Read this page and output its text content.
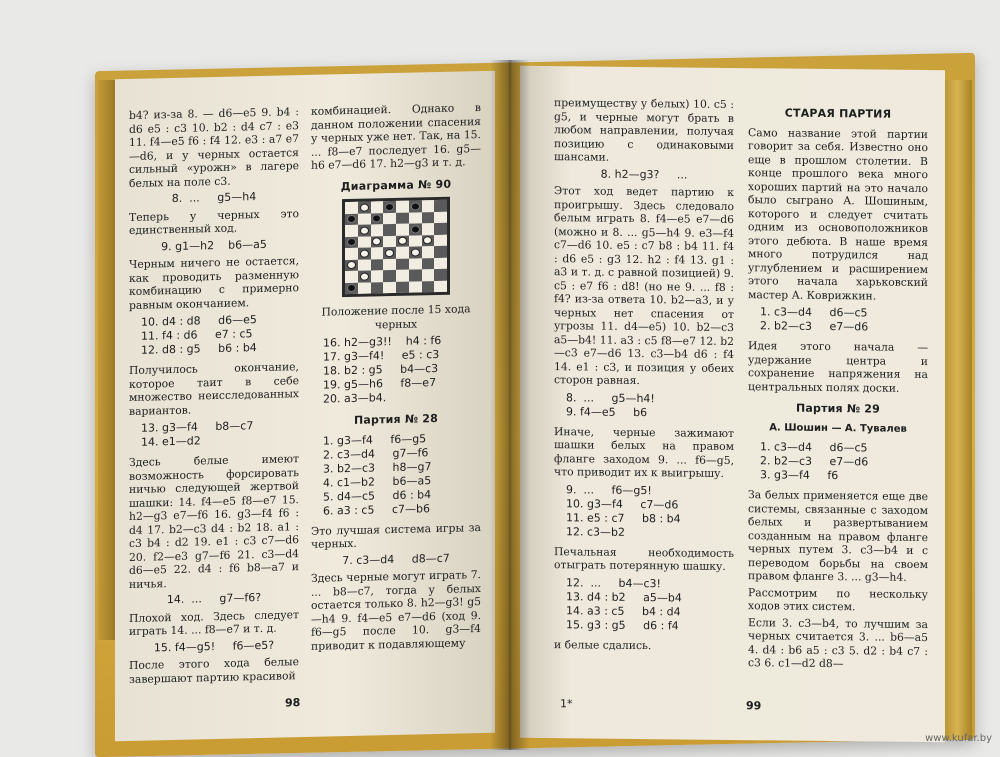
b4? из-за 8. — d6—e5 9. b4 : d6 e5 : c3 10. b2 : d4 c7 : e3 11. f4—e5 f6 : f4 12. e3 : a7 e7—d6, и у черных остается сильный «урожн» в лагере белых на поле c3.

8.  ...     g5—h4

Теперь у черных это единственный ход.

9. g1—h2    b6—a5

Черным ничего не остается, как проводить разменную комбинацию с примерно равным окончанием.

10. d4 : d8     d6—e5
11. f4 : d6     e7 : c5
12. d8 : g5     b6 : b4

Получилось окончание, которое таит в себе множество неисследованных вариантов.

13. g3—f4     b8—c7
14. e1—d2

Здесь белые имеют возможность форсировать ничью следующей жертвой шашки: 14. f4—e5 f8—e7 15. h2—g3 e7—f6 16. g3—f4 f6 : d4 17. b2—c3 d4 : b2 18. a1 : c3 b4 : d2 19. e1 : c3 c7—d6 20. f2—e3 g7—f6 21. c3—d4 d6—e5 22. d4 : f6 b8—a7 и ничья.

14.  ...     g7—f6?

Плохой ход. Здесь следует играть 14. ... f8—e7 и т. д.

15. f4—g5!     f6—e5?

После этого хода белые завершают партию красивой

комбинацией. Однако в данном положении спасения у черных уже нет. Так, на 15. ... f8—e7 последует 16. g5—h6 e7—d6 17. h2—g3 и т. д.

Диаграмма № 90

Положение после 15 хода черных

16. h2—g3!!    h4 : f6
17. g3—f4!     e5 : c3
18. b2 : g5     b4—c3
19. g5—h6     f8—e7
20. a3—b4.
Партия № 28
1. g3—f4     f6—g5
2. c3—d4     g7—f6
3. b2—c3     h8—g7
4. c1—b2     b6—a5
5. d4—c5     d6 : b4
6. a3 : c5     c7—b6

Это лучшая система игры за черных.

7. c3—d4     d8—c7

Здесь черные могут играть 7. ... b8—c7, тогда у белых остается только 8. h2—g3! g5—h4 9. f4—e5 e7—d6 (ход 9. f6—g5 после 10. g3—f4 приводит к подавляющему

98

преимуществу у белых) 10. c5 : g5, и черные могут брать в любом направлении, получая позицию с одинаковыми шансами.

8. h2—g3?     ...

Этот ход ведет партию к проигрышу. Здесь следовало белым играть 8. f4—e5 e7—d6 (можно и 8. ... g5—h4 9. e3—f4 c7—d6 10. e5 : c7 b8 : b4 11. f4 : d6 e5 : g3 12. h2 : f4 13. g1 : a3 и т. д. с равной позицией) 9. c5 : e7 f6 : d8! (но не 9. ... f8 : f4? из-за ответа 10. b2—a3, и у черных нет спасения от угрозы 11. d4—e5) 10. b2—c3 a5—b4! 11. a3 : c5 f8—e7 12. b2—c3 e7—d6 13. c3—b4 d6 : f4 14. e1 : c3, и позиция у обеих сторон равная.

8.  ...     g5—h4!
9. f4—e5     b6

Иначе, черные зажимают шашки белых на правом фланге заходом 9. ... f6—g5, что приводит их к выигрышу.

9.  ...     f6—g5!
10. g3—f4     c7—d6
11. e5 : c7     b8 : b4
12. c3—b2

Печальная необходимость отыграть потерянную шашку.

12.  ...     b4—c3!
13. d4 : b2     a5—b4
14. a3 : c5     b4 : d4
15. g3 : g5     d6 : f4

и белые сдались.

СТАРАЯ ПАРТИЯ

Само название этой партии говорит за себя. Известно оно еще в прошлом столетии. В конце прошлого века много хороших партий на это начало было сыграно А. Шошиным, которого и следует считать одним из основоположников этого дебюта. В наше время много потрудился над углублением и расширением этого начала харьковский мастер А. Коврижкин.

1. c3—d4     d6—c5
2. b2—c3     e7—d6

Идея этого начала — удержание центра и сохранение напряжения на центральных полях доски.

Партия № 29
А. Шошин — А. Тувалев
1. c3—d4     d6—c5
2. b2—c3     e7—d6
3. g3—f4     f6

За белых применяется еще две системы, связанные с заходом белых и развертыванием созданным на правом фланге черных путем 3. c3—b4 и с переводом борьбы на своем правом фланге 3. ... g3—h4.

Рассмотрим по нескольку ходов этих систем.

Если 3. c3—b4, то лучшим за черных считается 3. ... b6—a5 4. d4 : b6 a5 : c3 5. d2 : b4 c7 : c3 6. c1—d2 d8—

1*	99
www.kufar.by
